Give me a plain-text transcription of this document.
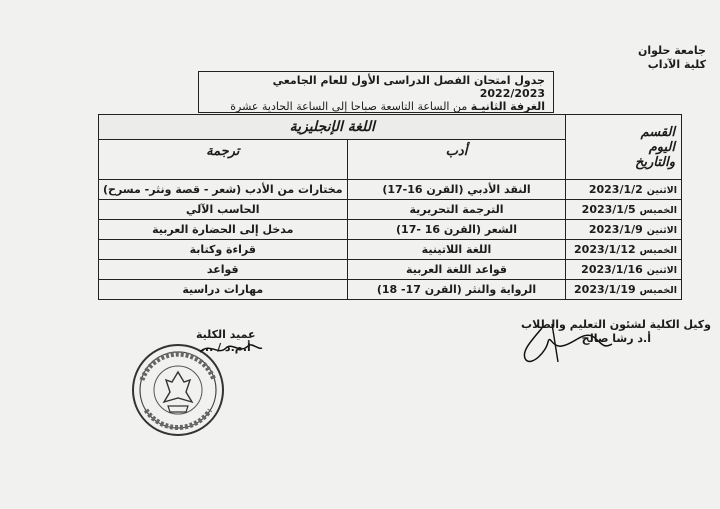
جامعة حلوان
كلية الآداب
جدول امتحان الفصل الدراسى الأول للعام الجامعي 2022/2023
الغرفة الثانيـة من الساعة التاسعة صباحا إلى الساعة الحادية عشرة
القسم
اليوم
والتاريخ	اللغة الإنجليزية	
	أدب	ترجمة
الاثنين2023/1/2	النقد الأدبي (القرن 16-17)	مختارات من الأدب (شعر - قصة ونثر- مسرح)
الخميس2023/1/5	الترجمة التحريرية	الحاسب الآلي
الاثنين2023/1/9	الشعر (القرن 16 -17)	مدخل إلى الحضارة العربية
الخميس2023/1/12	اللغة اللاتينية	قراءة وكتابة
الاثنين2023/1/16	قواعد اللغة العربية	قواعد
الخميس2023/1/19	الرواية والنثر (القرن 17- 18)	مهارات دراسية
وكيل الكلية لشئون التعليم والطلاب
أ.د رشا صالح
عميد الكلية
أ.م.د / ...
